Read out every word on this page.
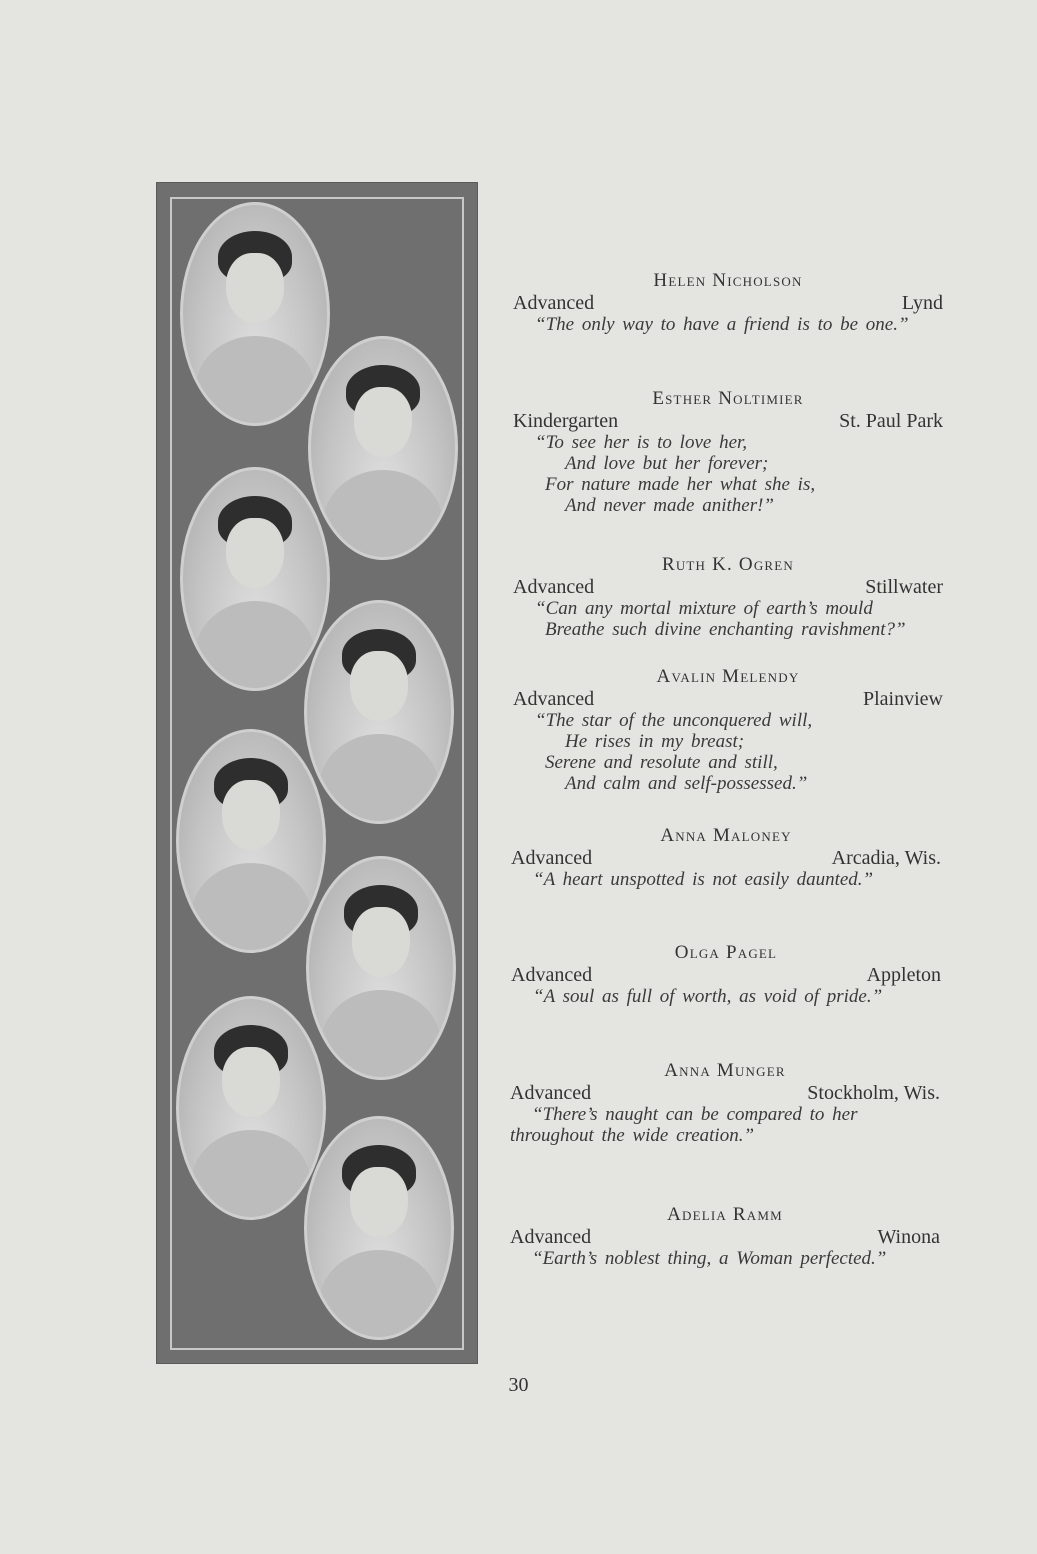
Helen Nicholson
Advanced	Lynd
“The only way to have a friend is to be one.”
Esther Noltimier
Kindergarten	St. Paul Park
“To see her is to love her,
And love but her forever;
For nature made her what she is,
And never made anither!”
Ruth K. Ogren
Advanced	Stillwater
“Can any mortal mixture of earth’s mould
Breathe such divine enchanting ravishment?”
Avalin Melendy
Advanced	Plainview
“The star of the unconquered will,
He rises in my breast;
Serene and resolute and still,
And calm and self-possessed.”
Anna Maloney
Advanced	Arcadia, Wis.
“A heart unspotted is not easily daunted.”
Olga Pagel
Advanced	Appleton
“A soul as full of worth, as void of pride.”
Anna Munger
Advanced	Stockholm, Wis.
“There’s naught can be compared to her
throughout the wide creation.”
Adelia Ramm
Advanced	Winona
“Earth’s noblest thing, a Woman perfected.”
30
